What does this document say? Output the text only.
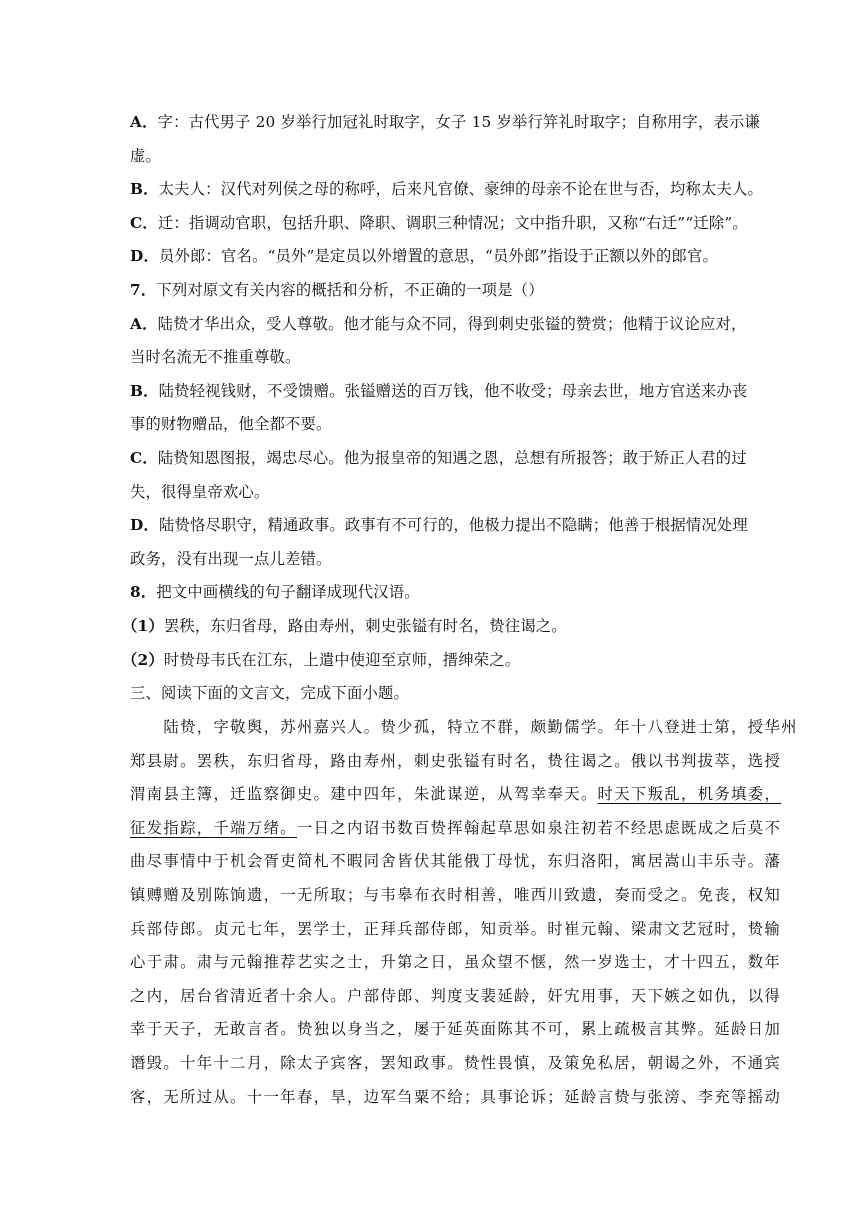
A．字：古代男子 20 岁举行加冠礼时取字，女子 15 岁举行笄礼时取字；自称用字，表示谦
虚。
B．太夫人：汉代对列侯之母的称呼，后来凡官僚、豪绅的母亲不论在世与否，均称太夫人。
C．迁：指调动官职，包括升职、降职、调职三种情况；文中指升职，又称“右迁”“迁除”。
D．员外郎：官名。“员外”是定员以外增置的意思，“员外郎”指设于正额以外的郎官。
7．下列对原文有关内容的概括和分析，不正确的一项是（）
A．陆贽才华出众，受人尊敬。他才能与众不同，得到刺史张镒的赞赏；他精于议论应对，
当时名流无不推重尊敬。
B．陆贽轻视钱财，不受馈赠。张镒赠送的百万钱，他不收受；母亲去世，地方官送来办丧
事的财物赠品，他全都不要。
C．陆贽知恩图报，竭忠尽心。他为报皇帝的知遇之恩，总想有所报答；敢于矫正人君的过
失，很得皇帝欢心。
D．陆贽恪尽职守，精通政事。政事有不可行的，他极力提出不隐瞒；他善于根据情况处理
政务，没有出现一点儿差错。
8．把文中画横线的句子翻译成现代汉语。
（1）罢秩，东归省母，路由寿州，刺史张镒有时名，贽往谒之。
（2）时贽母韦氏在江东，上遣中使迎至京师，搢绅荣之。
三、阅读下面的文言文，完成下面小题。
　　陆贽，字敬舆，苏州嘉兴人。贽少孤，特立不群，颇勤儒学。年十八登进士第，授华州
郑县尉。罢秩，东归省母，路由寿州，刺史张镒有时名，贽往谒之。俄以书判拔萃，选授
渭南县主簿，迁监察御史。建中四年，朱泚谋逆，从驾幸奉天。时天下叛乱，机务填委，
征发指踪，千端万绪。一日之内诏书数百贽挥翰起草思如泉注初若不经思虑既成之后莫不
曲尽事情中于机会胥吏简札不暇同舍皆伏其能俄丁母忧，东归洛阳，寓居嵩山丰乐寺。藩
镇赙赠及别陈饷遗，一无所取；与韦皋布衣时相善，唯西川致遗，奏而受之。免丧，权知
兵部侍郎。贞元七年，罢学士，正拜兵部侍郎，知贡举。时崔元翰、梁肃文艺冠时，贽输
心于肃。肃与元翰推荐艺实之士，升第之日，虽众望不惬，然一岁选士，才十四五，数年
之内，居台省清近者十余人。户部侍郎、判度支裴延龄，奸宄用事，天下嫉之如仇，以得
幸于天子，无敢言者。贽独以身当之，屡于延英面陈其不可，累上疏极言其弊。延龄日加
谮毁。十年十二月，除太子宾客，罢知政事。贽性畏慎，及策免私居，朝谒之外，不通宾
客，无所过从。十一年春，旱，边军刍粟不给；具事论诉；延龄言贽与张滂、李充等摇动
